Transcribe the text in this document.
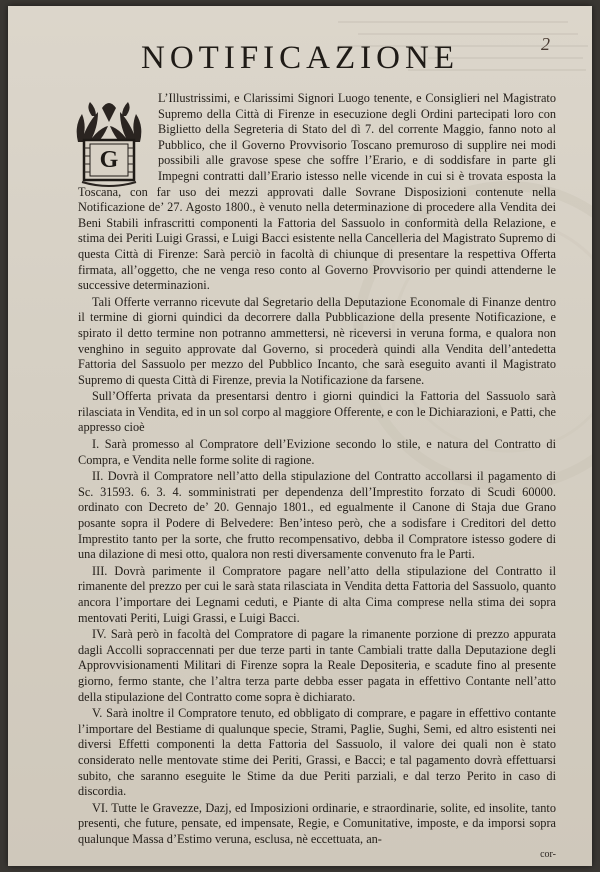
2
NOTIFICAZIONE
G

L’Illustrissimi, e Clarissimi Signori Luogo tenente, e Consiglieri nel Magistrato Supremo della Città di Firenze in esecuzione degli Ordini partecipati loro con Biglietto della Segreteria di Stato del dì 7. del corrente Maggio, fanno noto al Pubblico, che il Governo Provvisorio Toscano premuroso di supplire nei modi possibili alle gravose spese che soffre l’Erario, e di soddisfare in parte gli Impegni contratti dall’Erario istesso nelle vicende in cui si è trovata esposta la Toscana, con far uso dei mezzi approvati dalle Sovrane Disposizioni contenute nella Notificazione de’ 27. Agosto 1800., è venuto nella determinazione di procedere alla Vendita dei Beni Stabili infrascritti componenti la Fattoria del Sassuolo in conformità della Relazione, e stima dei Periti Luigi Grassi, e Luigi Bacci esistente nella Cancelleria del Magistrato Supremo di questa Città di Firenze: Sarà perciò in facoltà di chiunque di presentare la respettiva Offerta firmata, all’oggetto, che ne venga reso conto al Governo Provvisorio per quindi attenderne le successive determinazioni.

Tali Offerte verranno ricevute dal Segretario della Deputazione Economale di Finanze dentro il termine di giorni quindici da decorrere dalla Pubblicazione della presente Notificazione, e spirato il detto termine non potranno ammettersi, nè riceversi in veruna forma, e qualora non venghino in seguito approvate dal Governo, si procederà quindi alla Vendita dell’antedetta Fattoria del Sassuolo per mezzo del Pubblico Incanto, che sarà eseguito avanti il Magistrato Supremo di questa Città di Firenze, previa la Notificazione da farsene.

Sull’Offerta privata da presentarsi dentro i giorni quindici la Fattoria del Sassuolo sarà rilasciata in Vendita, ed in un sol corpo al maggiore Offerente, e con le Dichiarazioni, e Patti, che appresso cioè

I. Sarà promesso al Compratore dell’Evizione secondo lo stile, e natura del Contratto di Compra, e Vendita nelle forme solite di ragione.

II. Dovrà il Compratore nell’atto della stipulazione del Contratto accollarsi il pagamento di Sc. 31593. 6. 3. 4. somministrati per dependenza dell’Imprestito forzato di Scudi 60000. ordinato con Decreto de’ 20. Gennajo 1801., ed egualmente il Canone di Staja due Grano posante sopra il Podere di Belvedere: Ben’inteso però, che a sodisfare i Creditori del detto Imprestito tanto per la sorte, che frutto recompensativo, debba il Compratore istesso godere di una dilazione di mesi otto, qualora non resti diversamente convenuto fra le Parti.

III. Dovrà parimente il Compratore pagare nell’atto della stipulazione del Contratto il rimanente del prezzo per cui le sarà stata rilasciata in Vendita detta Fattoria del Sassuolo, quanto ancora l’importare dei Legnami ceduti, e Piante di alta Cima comprese nella stima dei sopra mentovati Periti, Luigi Grassi, e Luigi Bacci.

IV. Sarà però in facoltà del Compratore di pagare la rimanente porzione di prezzo appurata dagli Accolli sopraccennati per due terze parti in tante Cambiali tratte dalla Deputazione degli Approvvisionamenti Militari di Firenze sopra la Reale Depositeria, e scadute fino al presente giorno, fermo stante, che l’altra terza parte debba esser pagata in effettivo Contante nell’atto della stipulazione del Contratto come sopra è dichiarato.

V. Sarà inoltre il Compratore tenuto, ed obbligato di comprare, e pagare in effettivo contante l’importare del Bestiame di qualunque specie, Strami, Paglie, Sughi, Semi, ed altro esistenti nei diversi Effetti componenti la detta Fattoria del Sassuolo, il valore dei quali non è stato considerato nelle mentovate stime dei Periti, Grassi, e Bacci; e tal pagamento dovrà effettuarsi subito, che saranno eseguite le Stime da due Periti parziali, e dal terzo Perito in caso di discordia.

VI. Tutte le Gravezze, Dazj, ed Imposizioni ordinarie, e straordinarie, solite, ed insolite, tanto presenti, che future, pensate, ed impensate, Regie, e Comunitative, imposte, e da imporsi sopra qualunque Massa d’Estimo veruna, esclusa, nè eccettuata, an-

cor-
